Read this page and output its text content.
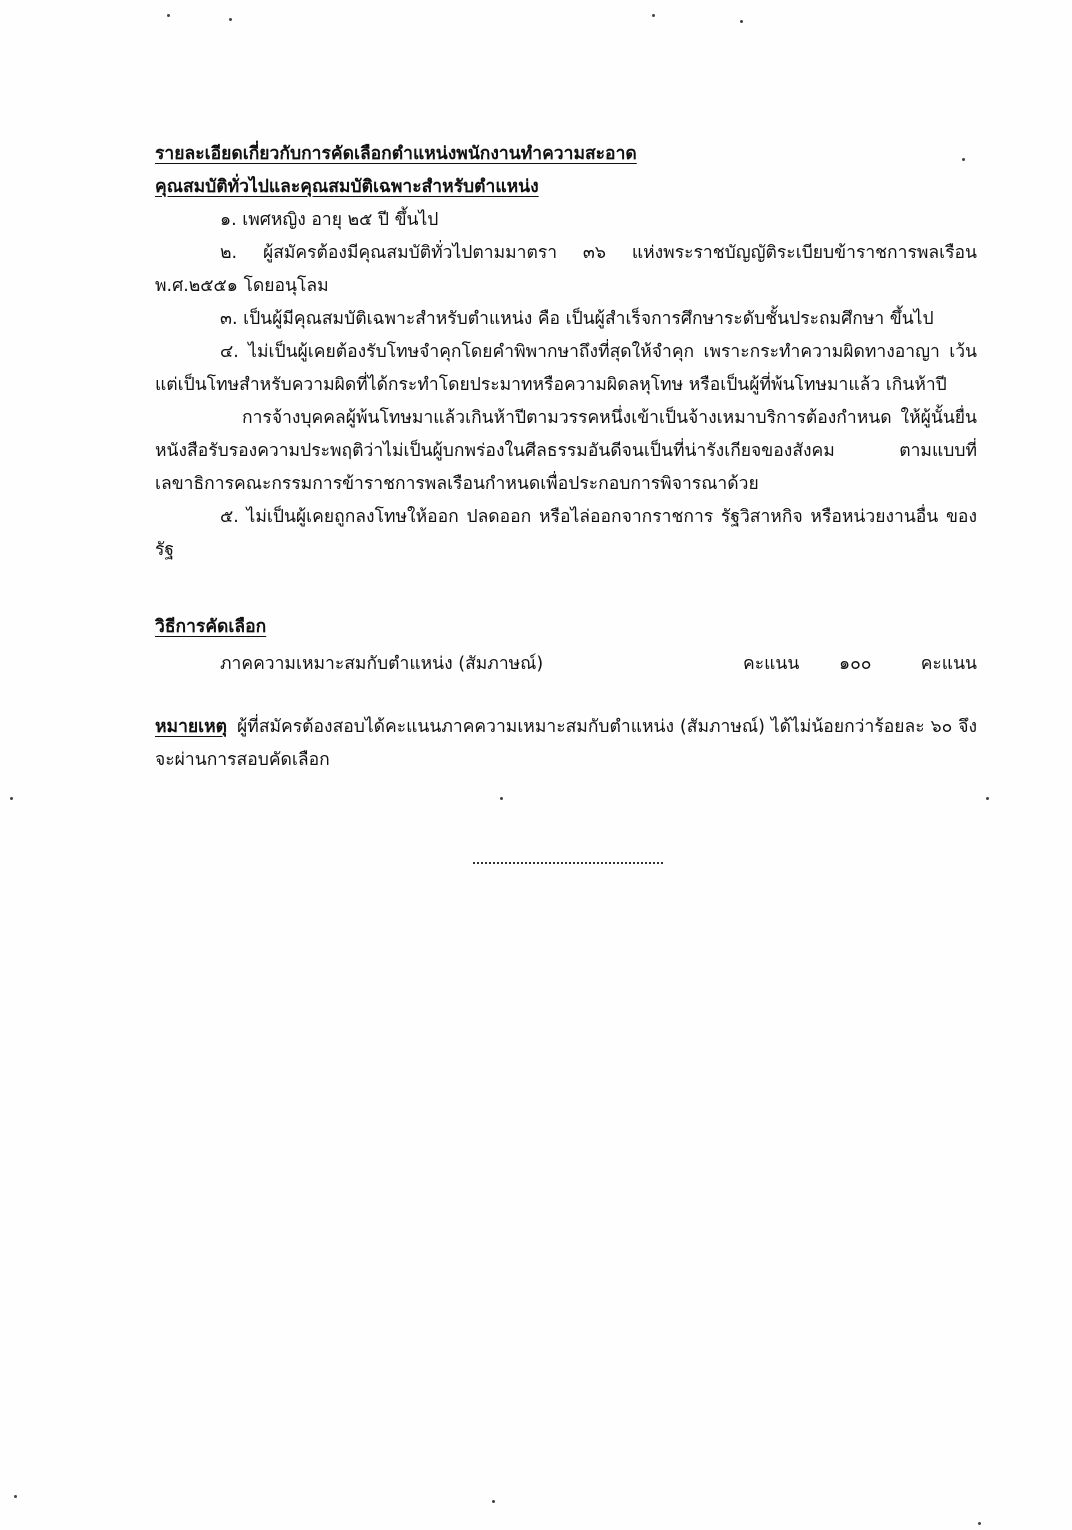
รายละเอียดเกี่ยวกับการคัดเลือกตำแหน่งพนักงานทำความสะอาด
คุณสมบัติทั่วไปและคุณสมบัติเฉพาะสำหรับตำแหน่ง

๑. เพศหญิง อายุ ๒๕ ปี ขึ้นไป

๒. ผู้สมัครต้องมีคุณสมบัติทั่วไปตามมาตรา ๓๖ แห่งพระราชบัญญัติระเบียบข้าราชการพลเรือน พ.ศ.๒๕๕๑ โดยอนุโลม

๓. เป็นผู้มีคุณสมบัติเฉพาะสำหรับตำแหน่ง คือ เป็นผู้สำเร็จการศึกษาระดับชั้นประถมศึกษา ขึ้นไป

๔. ไม่เป็นผู้เคยต้องรับโทษจำคุกโดยคำพิพากษาถึงที่สุดให้จำคุก เพราะกระทำความผิดทางอาญา เว้นแต่เป็นโทษสำหรับความผิดที่ได้กระทำโดยประมาทหรือความผิดลหุโทษ หรือเป็นผู้ที่พ้นโทษมาแล้ว เกินห้าปี

การจ้างบุคคลผู้พ้นโทษมาแล้วเกินห้าปีตามวรรคหนึ่งเข้าเป็นจ้างเหมาบริการต้องกำหนด ให้ผู้นั้นยื่นหนังสือรับรองความประพฤติว่าไม่เป็นผู้บกพร่องในศีลธรรมอันดีจนเป็นที่น่ารังเกียจของสังคม ตามแบบที่เลขาธิการคณะกรรมการข้าราชการพลเรือนกำหนดเพื่อประกอบการพิจารณาด้วย

๕. ไม่เป็นผู้เคยถูกลงโทษให้ออก ปลดออก หรือไล่ออกจากราชการ รัฐวิสาหกิจ หรือหน่วยงานอื่น ของรัฐ

วิธีการคัดเลือก
ภาคความเหมาะสมกับตำแหน่ง (สัมภาษณ์)	คะแนน ๑๐๐	คะแนน

หมายเหตุ ผู้ที่สมัครต้องสอบได้คะแนนภาคความเหมาะสมกับตำแหน่ง (สัมภาษณ์) ได้ไม่น้อยกว่าร้อยละ ๖๐ จึงจะผ่านการสอบคัดเลือก
